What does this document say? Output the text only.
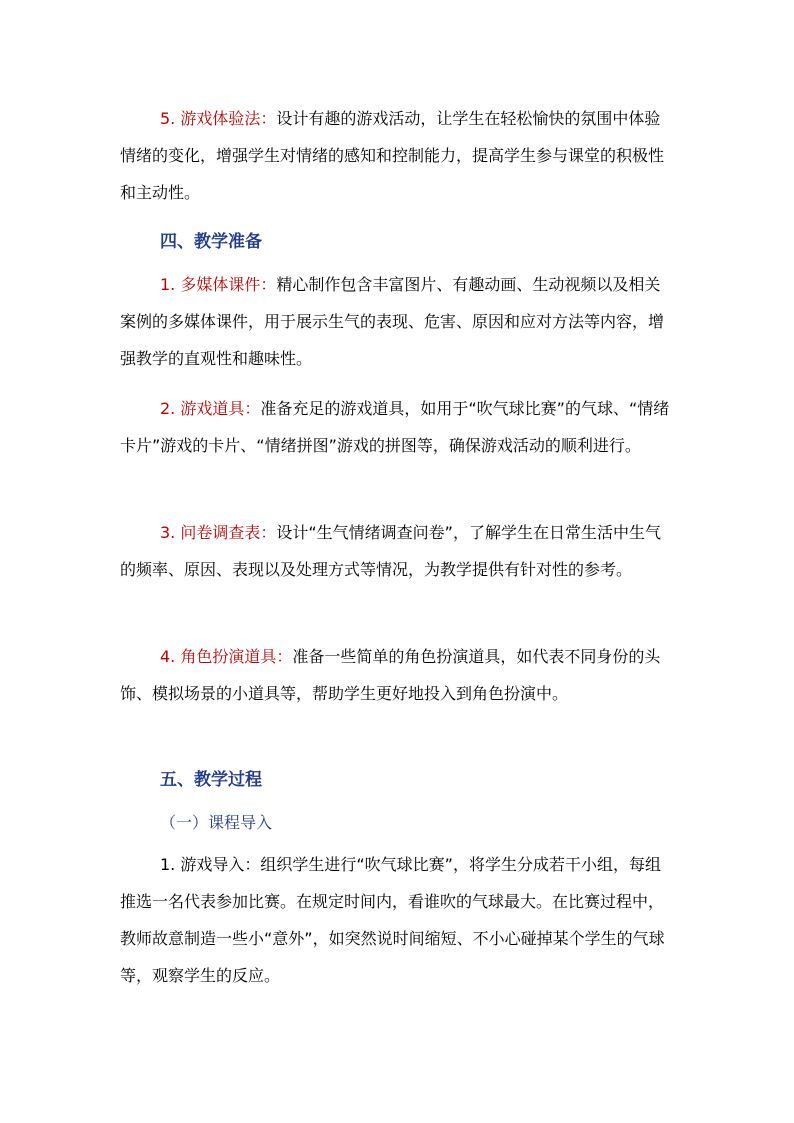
5. 游戏体验法：设计有趣的游戏活动，让学生在轻松愉快的氛围中体验情绪的变化，增强学生对情绪的感知和控制能力，提高学生参与课堂的积极性和主动性。

四、教学准备

1. 多媒体课件：精心制作包含丰富图片、有趣动画、生动视频以及相关案例的多媒体课件，用于展示生气的表现、危害、原因和应对方法等内容，增强教学的直观性和趣味性。

2. 游戏道具：准备充足的游戏道具，如用于“吹气球比赛”的气球、“情绪卡片”游戏的卡片、“情绪拼图”游戏的拼图等，确保游戏活动的顺利进行。

3. 问卷调查表：设计“生气情绪调查问卷”，了解学生在日常生活中生气的频率、原因、表现以及处理方式等情况，为教学提供有针对性的参考。

4. 角色扮演道具：准备一些简单的角色扮演道具，如代表不同身份的头饰、模拟场景的小道具等，帮助学生更好地投入到角色扮演中。

五、教学过程

（一）课程导入

1. 游戏导入：组织学生进行“吹气球比赛”，将学生分成若干小组，每组推选一名代表参加比赛。在规定时间内，看谁吹的气球最大。在比赛过程中，教师故意制造一些小“意外”，如突然说时间缩短、不小心碰掉某个学生的气球等，观察学生的反应。
